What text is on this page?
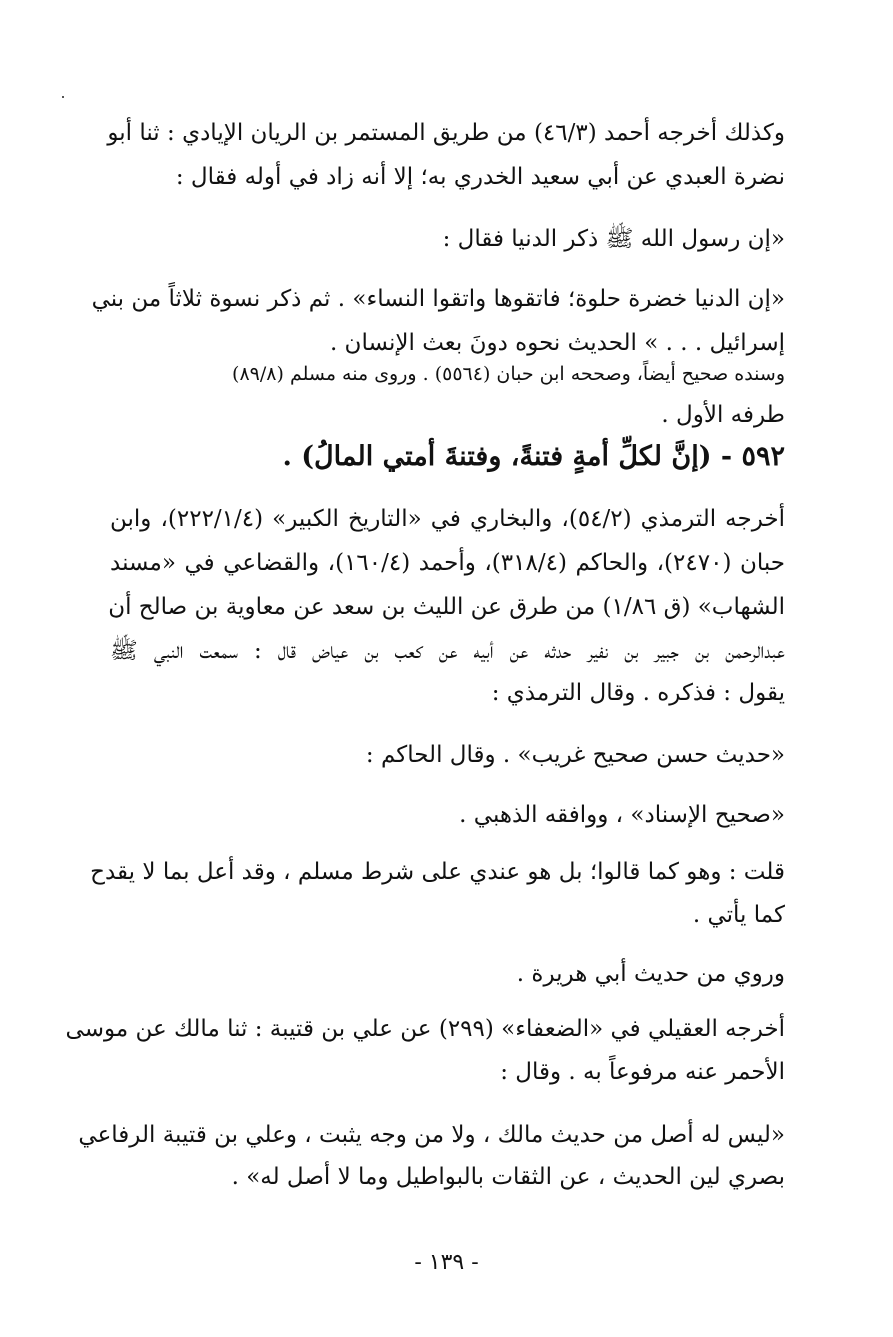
وكذلك أخرجه أحمد (٤٦/٣) من طريق المستمر بن الريان الإيادي : ثنا أبو
نضرة العبدي عن أبي سعيد الخدري به؛ إلا أنه زاد في أوله فقال :
«إن رسول الله ﷺ ذكر الدنيا فقال :
«إن الدنيا خضرة حلوة؛ فاتقوها واتقوا النساء» . ثم ذكر نسوة ثلاثاً من بني
إسرائيل . . . » الحديث نحوه دونَ بعث الإنسان .
وسنده صحيح أيضاً، وصححه ابن حبان (٥٥٦٤) . وروى منه مسلم (٨٩/٨)
طرفه الأول .
٥٩٢ - (إنَّ لكلِّ أمةٍ فتنةً، وفتنةَ أمتي المالُ) .
أخرجه الترمذي (٥٤/٢)، والبخاري في «التاريخ الكبير» (٢٢٢/١/٤)، وابن
حبان (٢٤٧٠)، والحاكم (٣١٨/٤)، وأحمد (١٦٠/٤)، والقضاعي في «مسند
الشهاب» (ق ١/٨٦) من طرق عن الليث بن سعد عن معاوية بن صالح أن
عبدالرحمن بن جبير بن نفير حدثه عن أبيه عن كعب بن عياض قال : سمعت النبي ﷺ
يقول : فذكره . وقال الترمذي :
«حديث حسن صحيح غريب» . وقال الحاكم :
«صحيح الإسناد» ، ووافقه الذهبي .
قلت : وهو كما قالوا؛ بل هو عندي على شرط مسلم ، وقد أعل بما لا يقدح
كما يأتي .
وروي من حديث أبي هريرة .
أخرجه العقيلي في «الضعفاء» (٢٩٩) عن علي بن قتيبة : ثنا مالك عن موسى
الأحمر عنه مرفوعاً به . وقال :
«ليس له أصل من حديث مالك ، ولا من وجه يثبت ، وعلي بن قتيبة الرفاعي
بصري لين الحديث ، عن الثقات بالبواطيل وما لا أصل له» .
- ١٣٩ -
